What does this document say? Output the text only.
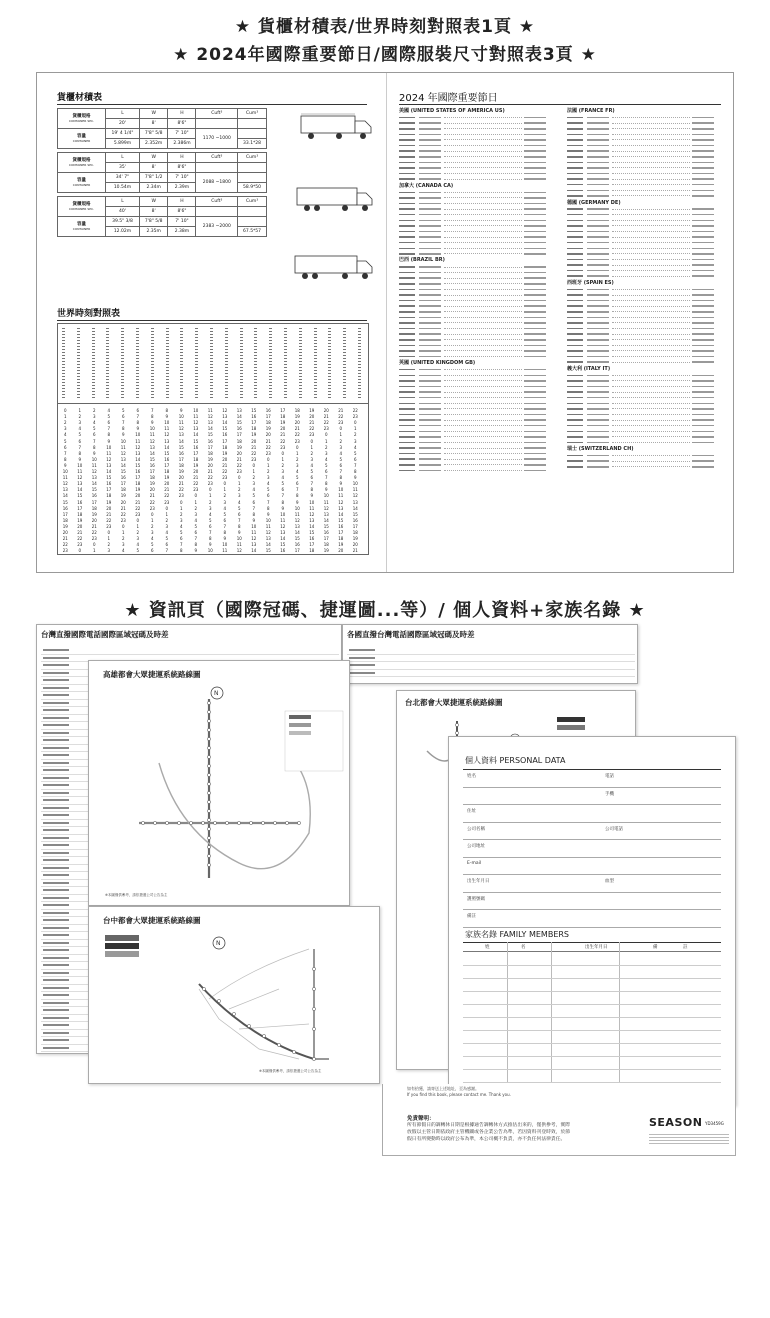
★ 貨櫃材積表/世界時刻對照表1頁 ★
★ 2024年國際重要節日/國際服裝尺寸對照表3頁 ★
貨櫃材積表
貨櫃規格
CONTAINER SPC.	L	W	H	Cuft³	Cum³
	20'	8'	8'6"		
容量
CONTAINER	19' 4 1/4"	7'8" 5/8	7' 10"	1170 ~1000	
	5.899m	2.352m	2.386m		33.1*28

貨櫃規格
CONTAINER SPC.	L	W	H	Cuft³	Cum³
	35'	8'	8'6"		
容量
CONTAINER	34' 7"	7'8" 1/2	7' 10"	2088 ~1800	
	10.54m	2.34m	2.39m		58.9*50

貨櫃規格
CONTAINER SPC.	L	W	H	Cuft³	Cum³
	40'	8'	8'6"		
容量
CONTAINER	39.5" 3/8	7'8" 5/8	7' 10"	2383 ~2000	
	12.02m	2.35m	2.38m		67.5*57
世界時刻對照表
0	1	2	4	5	6	7	8	9	10 11 12 13 15 16 17 18 19 20 21 22
1	2	3	5	6	7	8	9	10 11 12 13 14 16 17 18 19 20 21 22 23
2	3	4	6	7	8	9	10 11 12 13 14 15 17 18 19 20 21 22 23	0
3	4	5	7	8	9	10 11 12 13 14 15 16 18 19 20 21 22 23	0	1
4	5	6	8	9	10 11 12 13 14 15 16 17 19 20 21 22 23	0	1	2
5	6	7	9	10 11 12 13 14 15 16 17 18 20 21 22 23	0	1	2	3
6	7	8	10 11 12 13 14 15 16 17 18 19 21 22 23	0	1	2	3	4
7	8	9	11 12 13 14 15 16 17 18 19 20 22 23	0	1	2	3	4	5
8	9	10 12 13 14 15 16 17 18 19 20 21 23	0	1	2	3	4	5	6
9	10 11 13 14 15 16 17 18 19 20 21 22	0	1	2	3	4	5	6	7
10 11 12 14 15 16 17 18 19 20 21 22 23	1	2	3	4	5	6	7	8
11 12 13 15 16 17 18 19 20 21 22 23	0	2	3	4	5	6	7	8	9
12 13 14 16 17 18 19 20 21 22 23	0	1	3	4	5	6	7	8	9	10
13 14 15 17 18 19 20 21 22 23	0	1	2	4	5	6	7	8	9	10 11
14 15 16 18 19 20 21 22 23	0	1	2	3	5	6	7	8	9	10 11 12
15 16 17 19 20 21 22 23	0	1	2	3	4	6	7	8	9	10 11 12 13
16 17 18 20 21 22 23	0	1	2	3	4	5	7	8	9	10 11 12 13 14
17 18 19 21 22 23	0	1	2	3	4	5	6	8	9	10 11 12 13 14 15
18 19 20 22 23	0	1	2	3	4	5	6	7	9	10 11 12 13 14 15 16
19 20 21 23	0	1	2	3	4	5	6	7	8	10 11 12 13 14 15 16 17
20 21 22	0	1	2	3	4	5	6	7	8	9	11 12 13 14 15 16 17 18
21 22 23	1	2	3	4	5	6	7	8	9	10 12 13 14 15 16 17 18 19
22 23	0	2	3	4	5	6	7	8	9	10 11 13 14 15 16 17 18 19 20
23	0	1	3	4	5	6	7	8	9	10 11 12 14 15 16 17 18 19 20 21
2024 年國際重要節日
美國 (UNITED STATES OF AMERICA US)
加拿大 (CANADA CA)
巴西 (BRAZIL BR)
英國 (UNITED KINGDOM GB)
法國 (FRANCE FR)
德國 (GERMANY DE)
西班牙 (SPAIN ES)
義大利 (ITALY IT)
瑞士 (SWITZERLAND CH)
★ 資訊頁（國際冠碼、捷運圖...等）/ 個人資料+家族名錄 ★
台灣直撥國際電話國際區域冠碼及時差	各國直撥台灣電話國際區域冠碼及時差
高雄都會大眾捷運系統路線圖
N
※本圖僅供參考，請依捷運公司公告為主
台中都會大眾捷運系統路線圖
N
※本圖僅供參考，請依捷運公司公告為主
台北都會大眾捷運系統路線圖
個人資料 PERSONAL DATA
姓名	電話
手機
住址
公司名稱	公司電話
公司地址
E-mail
出生年月日	血型
護照號碼
備註
家族名錄 FAMILY MEMBERS
姓	名	出生年月日	備	註
如有拾獲，請寄送上述地址，至為感謝。
If you find this book, please contact me. Thank you.
免責聲明：
所有節假日的調轉休日期是根據通告調轉休方式推估出來的，僅供參考，實際放假以主管日期依政府主管機關或各企業公告為準，若因資料刊登時效，於節假日有所變動時以政府公布為準，本公司概不負責，亦不負任何法律責任。
SEASON YD3459G
